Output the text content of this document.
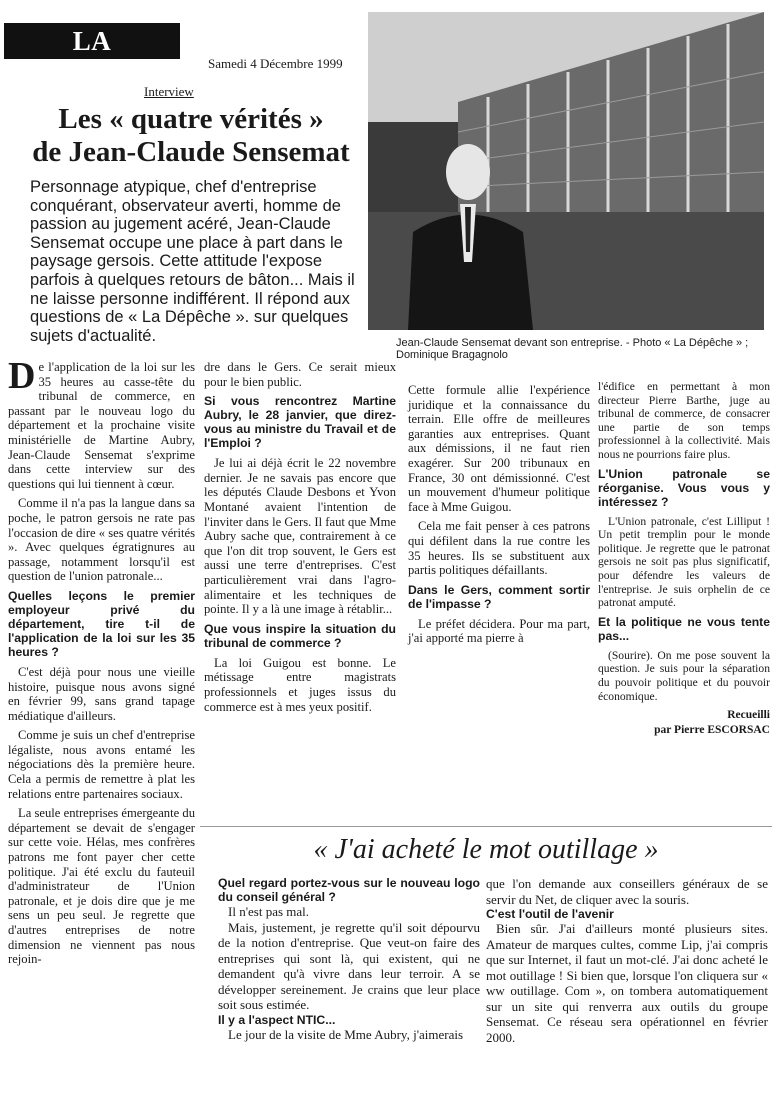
LA DÉPÊCHE	Samedi 4 Décembre 1999
Interview
Les « quatre vérités »
de Jean-Claude Sensemat
Personnage atypique, chef d'entreprise conquérant, observateur averti, homme de passion au jugement acéré, Jean-Claude Sensemat occupe une place à part dans le paysage gersois. Cette attitude l'expose parfois à quelques retours de bâton... Mais il ne laisse personne indifférent. Il répond aux questions de « La Dépêche ». sur quelques sujets d'actualité.	Jean-Claude Sensemat devant son entreprise. - Photo « La Dépêche » ; Dominique Bragagnolo

De l'application de la loi sur les 35 heures au casse-tête du tribunal de commerce, en passant par le nouveau logo du département et la prochaine visite ministérielle de Martine Aubry, Jean-Claude Sensemat s'exprime dans cette interview sur des questions qui lui tiennent à cœur.

Comme il n'a pas la langue dans sa poche, le patron gersois ne rate pas l'occasion de dire « ses quatre vérités ». Avec quelques égratignures au passage, notamment lorsqu'il est question de l'union patronale...

Quelles leçons le premier employeur privé du département, tire t-il de l'application de la loi sur les 35 heures ?

C'est déjà pour nous une vieille histoire, puisque nous avons signé en février 99, sans grand tapage médiatique d'ailleurs.

Comme je suis un chef d'entreprise légaliste, nous avons entamé les négociations dès la première heure. Cela a permis de remettre à plat les relations entre partenaires sociaux.

La seule entreprises émergeante du département se devait de s'engager sur cette voie. Hélas, mes confrères patrons me font payer cher cette politique. J'ai été exclu du fauteuil d'administrateur de l'Union patronale, et je dois dire que je me sens un peu seul. Je regrette que d'autres entreprises de notre dimension ne viennent pas nous rejoin-

dre dans le Gers. Ce serait mieux pour le bien public.

Si vous rencontrez Martine Aubry, le 28 janvier, que direz-vous au ministre du Travail et de l'Emploi ?

Je lui ai déjà écrit le 22 novembre dernier. Je ne savais pas encore que les députés Claude Desbons et Yvon Montané avaient l'intention de l'inviter dans le Gers. Il faut que Mme Aubry sache que, contrairement à ce que l'on dit trop souvent, le Gers est aussi une terre d'entreprises. C'est particulièrement vrai dans l'agro-alimentaire et les techniques de pointe. Il y a là une image à rétablir...

Que vous inspire la situation du tribunal de commerce ?

La loi Guigou est bonne. Le métissage entre magistrats professionnels et juges issus du commerce est à mes yeux positif.

Cette formule allie l'expérience juridique et la connaissance du terrain. Elle offre de meilleures garanties aux entreprises. Quant aux démissions, il ne faut rien exagérer. Sur 200 tribunaux en France, 30 ont démissionné. C'est un mouvement d'humeur politique face à Mme Guigou.

Cela me fait penser à ces patrons qui défilent dans la rue contre les 35 heures. Ils se substituent aux partis politiques défaillants.

Dans le Gers, comment sortir de l'impasse ?

Le préfet décidera. Pour ma part, j'ai apporté ma pierre à

l'édifice en permettant à mon directeur Pierre Barthe, juge au tribunal de commerce, de consacrer une partie de son temps professionnel à la collectivité. Mais nous ne pourrions faire plus.

L'Union patronale se réorganise. Vous vous y intéressez ?

L'Union patronale, c'est Lilliput ! Un petit tremplin pour le monde politique. Je regrette que le patronat gersois ne soit pas plus significatif, pour défendre les valeurs de l'entreprise. Je suis orphelin de ce patronat amputé.

Et la politique ne vous tente pas...

(Sourire). On me pose souvent la question. Je suis pour la séparation du pouvoir politique et du pouvoir économique.

Recueilli
par Pierre ESCORSAC
« J'ai acheté le mot outillage »
Quel regard portez-vous sur le nouveau logo du conseil général ?

Il n'est pas mal.

Mais, justement, je regrette qu'il soit dépourvu de la notion d'entreprise. Que veut-on faire des entreprises qui sont là, qui existent, qui ne demandent qu'à vivre dans leur terroir. A se développer sereinement. Je crains que leur place soit sous estimée.

Il y a l'aspect NTIC...

Le jour de la visite de Mme Aubry, j'aimerais

que l'on demande aux conseillers généraux de se servir du Net, de cliquer avec la souris.

C'est l'outil de l'avenir

Bien sûr. J'ai d'ailleurs monté plusieurs sites. Amateur de marques cultes, comme Lip, j'ai compris que sur Internet, il faut un mot-clé. J'ai donc acheté le mot outillage ! Si bien que, lorsque l'on cliquera sur « ww outillage. Com », on tombera automatiquement sur un site qui renverra aux outils du groupe Sensemat. Ce réseau sera opérationnel en février 2000.
